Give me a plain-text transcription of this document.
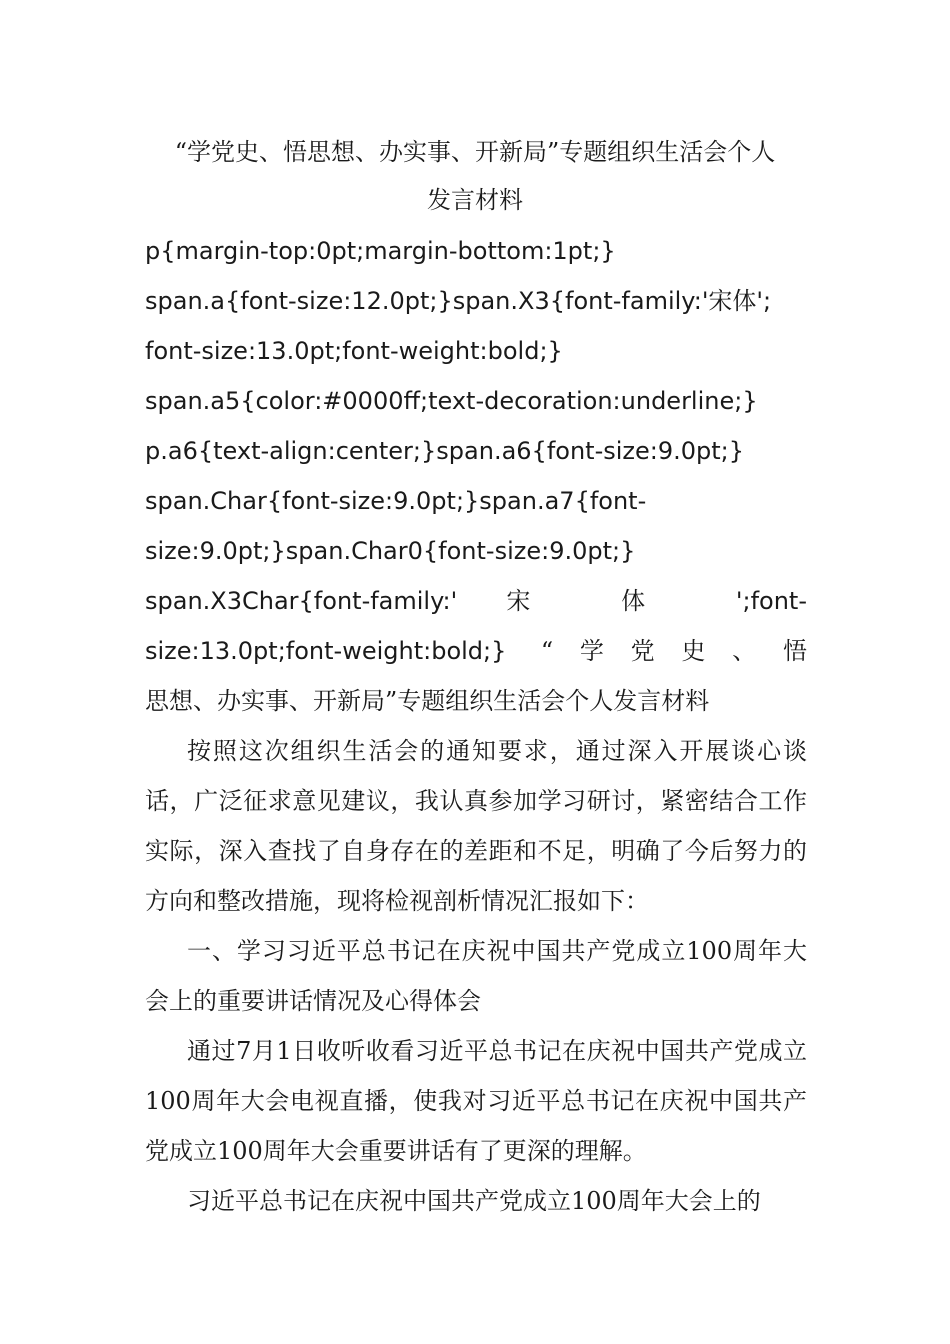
“学党史、悟思想、办实事、开新局”专题组织生活会个人
发言材料

p{margin-top:0pt;margin-bottom:1pt;}

span.a{font-size:12.0pt;}span.X3{font-family:'宋体';

font-size:13.0pt;font-weight:bold;}

span.a5{color:#0000ff;text-decoration:underline;}

p.a6{text-align:center;}span.a6{font-size:9.0pt;}

span.Char{font-size:9.0pt;}span.a7{font-

size:9.0pt;}span.Char0{font-size:9.0pt;}

span.X3Char{font-family:' 宋 体 ';font-

size:13.0pt;font-weight:bold;} “学党史、悟

思想、办实事、开新局”专题组织生活会个人发言材料

按照这次组织生活会的通知要求，通过深入开展谈心谈话，广泛征求意见建议，我认真参加学习研讨，紧密结合工作实际，深入查找了自身存在的差距和不足，明确了今后努力的方向和整改措施，现将检视剖析情况汇报如下：

一、学习习近平总书记在庆祝中国共产党成立100周年大会上的重要讲话情况及心得体会

通过7月1日收听收看习近平总书记在庆祝中国共产党成立100周年大会电视直播，使我对习近平总书记在庆祝中国共产党成立100周年大会重要讲话有了更深的理解。

习近平总书记在庆祝中国共产党成立100周年大会上的
